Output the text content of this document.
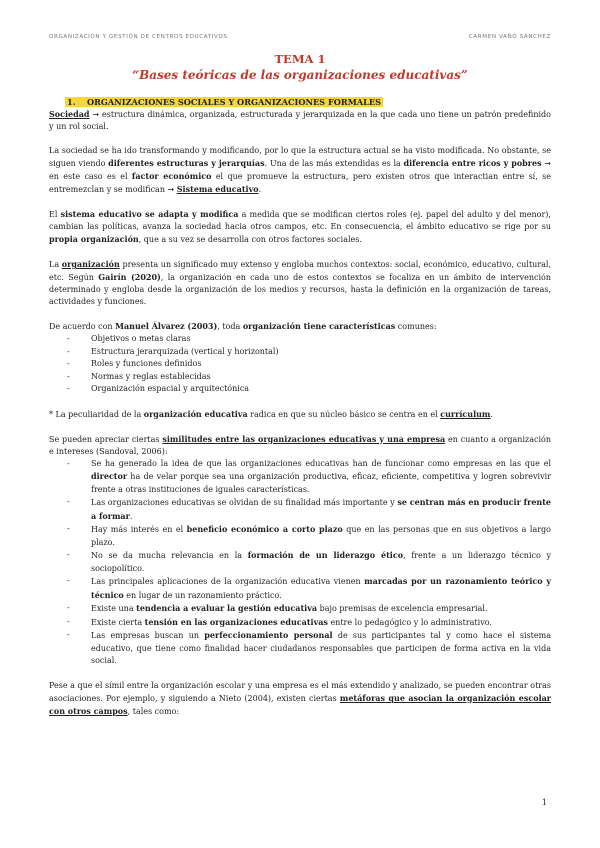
ORGANIZACIÓN Y GESTIÓN DE CENTROS EDUCATIVOS	CARMEN VAÑÓ SÁNCHEZ
TEMA 1
“Bases teóricas de las organizaciones educativas”
1. ORGANIZACIONES SOCIALES Y ORGANIZACIONES FORMALES

Sociedad ➞ estructura dinámica, organizada, estructurada y jerarquizada en la que cada uno tiene un patrón predefinido y un rol social.

La sociedad se ha ido transformando y modificando, por lo que la estructura actual se ha visto modificada. No obstante, se siguen viendo diferentes estructuras y jerarquías. Una de las más extendidas es la diferencia entre ricos y pobres ➞ en este caso es el factor económico el que promueve la estructura, pero existen otros que interactian entre sí, se entremezclan y se modifican ➞ Sistema educativo.

El sistema educativo se adapta y modifica a medida que se modifican ciertos roles (ej. papel del adulto y del menor), cambian las políticas, avanza la sociedad hacia otros campos, etc. En consecuencia, el ámbito educativo se rige por su propia organización, que a su vez se desarrolla con otros factores sociales.

La organización presenta un significado muy extenso y engloba muchos contextos: social, económico, educativo, cultural, etc. Según Gairín (2020), la organización en cada uno de estos contextos se focaliza en un ámbito de intervención determinado y engloba desde la organización de los medios y recursos, hasta la definición en la organización de tareas, actividades y funciones.

De acuerdo con Manuel Álvarez (2003), toda organización tiene características comunes:

- Objetivos o metas claras
- Estructura jerarquizada (vertical y horizontal)
- Roles y funciones definidos
- Normas y reglas establecidas
- Organización espacial y arquitectónica

* La peculiaridad de la organización educativa radica en que su núcleo básico se centra en el currículum.

Se pueden apreciar ciertas similitudes entre las organizaciones educativas y una empresa en cuanto a organización e intereses (Sandoval, 2006):

- Se ha generado la idea de que las organizaciones educativas han de funcionar como empresas en las que el director ha de velar porque sea una organización productiva, eficaz, eficiente, competitiva y logren sobrevivir frente a otras instituciones de iguales características.
- Las organizaciones educativas se olvidan de su finalidad más importante y se centran más en producir frente a formar.
- Hay más interés en el beneficio económico a corto plazo que en las personas que en sus objetivos a largo plazo.
- No se da mucha relevancia en la formación de un liderazgo ético, frente a un liderazgo técnico y sociopolítico.
- Las principales aplicaciones de la organización educativa vienen marcadas por un razonamiento teórico y técnico en lugar de un razonamiento práctico.
- Existe una tendencia a evaluar la gestión educativa bajo premisas de excelencia empresarial.
- Existe cierta tensión en las organizaciones educativas entre lo pedagógico y lo administrativo.
- Las empresas buscan un perfeccionamiento personal de sus participantes tal y como hace el sistema educativo, que tiene como finalidad hacer ciudadanos responsables que participen de forma activa en la vida social.

Pese a que el símil entre la organización escolar y una empresa es el más extendido y analizado, se pueden encontrar otras asociaciones. Por ejemplo, y siguiendo a Nieto (2004), existen ciertas metáforas que asocian la organización escolar con otros campos, tales como:

1
